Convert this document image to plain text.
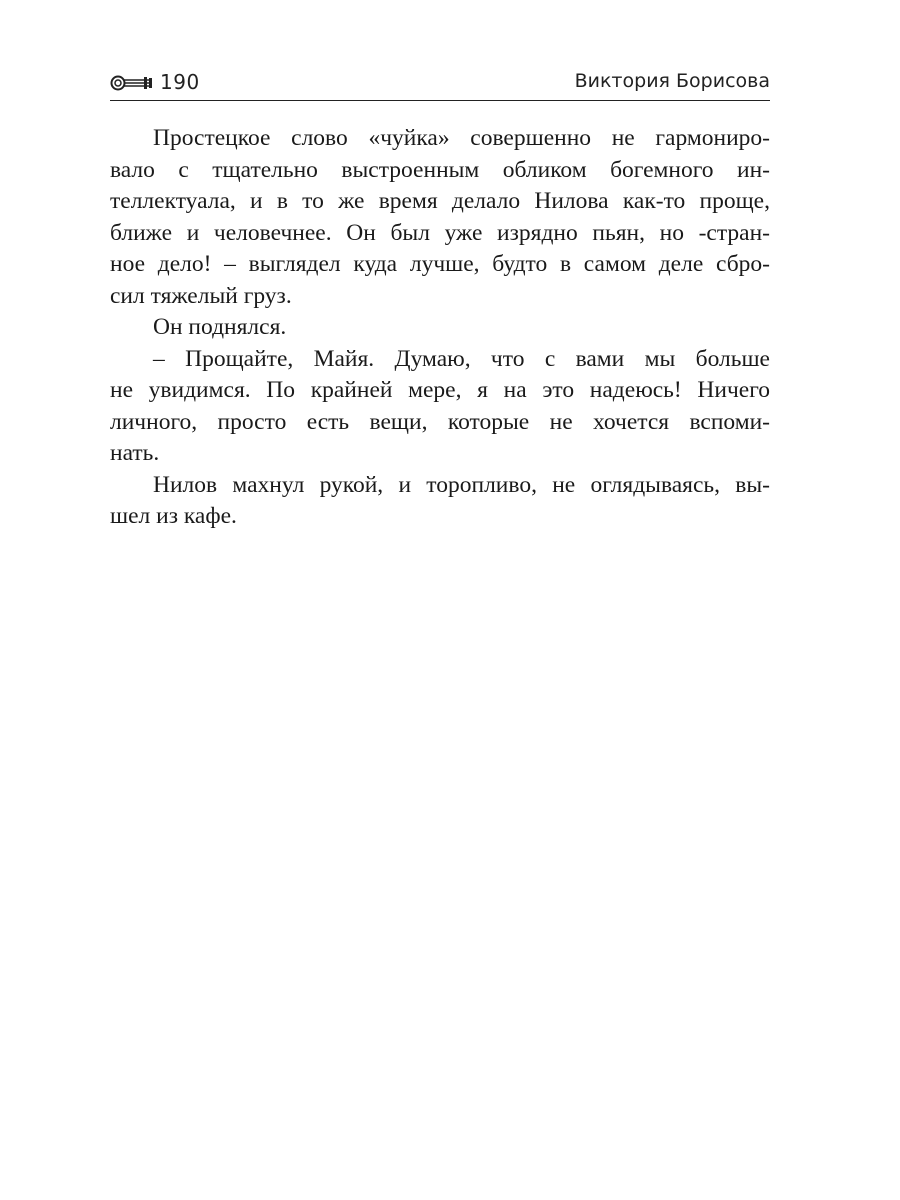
190	Виктория Борисова
Простецкое слово «чуйка» совершенно не гармониро-
вало с тщательно выстроенным обликом богемного ин-
теллектуала, и в то же время делало Нилова как-то проще,
ближе и человечнее. Он был уже изрядно пьян, но -стран-
ное дело! – выглядел куда лучше, будто в самом деле сбро-
сил тяжелый груз.
Он поднялся.
– Прощайте, Майя. Думаю, что с вами мы больше
не увидимся. По крайней мере, я на это надеюсь! Ничего
личного, просто есть вещи, которые не хочется вспоми-
нать.
Нилов махнул рукой, и торопливо, не оглядываясь, вы-
шел из кафе.
